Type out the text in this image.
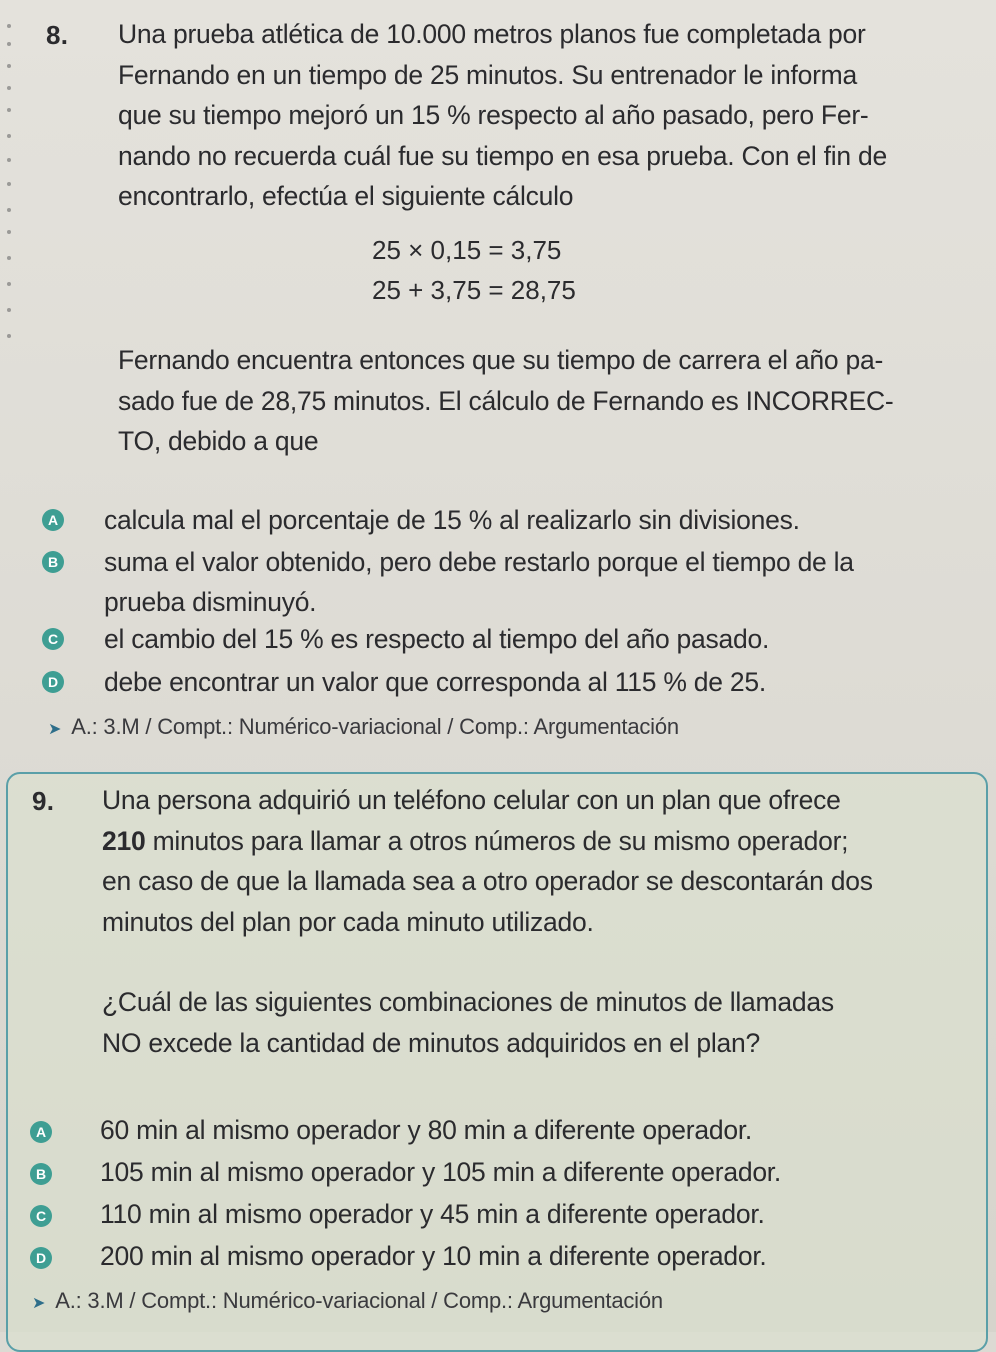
8. Una prueba atlética de 10.000 metros planos fue completada por

Fernando en un tiempo de 25 minutos. Su entrenador le informa

que su tiempo mejoró un 15 % respecto al año pasado, pero Fer-

nando no recuerda cuál fue su tiempo en esa prueba. Con el fin de

encontrarlo, efectúa el siguiente cálculo

25 × 0,15 = 3,75
25 + 3,75 = 28,75

Fernando encuentra entonces que su tiempo de carrera el año pa-

sado fue de 28,75 minutos. El cálculo de Fernando es INCORREC-

TO, debido a que

A calcula mal el porcentaje de 15 % al realizarlo sin divisiones.
B suma el valor obtenido, pero debe restarlo porque el tiempo de la
prueba disminuyó.
C el cambio del 15 % es respecto al tiempo del año pasado.
D debe encontrar un valor que corresponda al 115 % de 25.
➤ A.: 3.M / Compt.: Numérico-variacional / Comp.: Argumentación
9. Una persona adquirió un teléfono celular con un plan que ofrece

210 minutos para llamar a otros números de su mismo operador;

en caso de que la llamada sea a otro operador se descontarán dos

minutos del plan por cada minuto utilizado.

¿Cuál de las siguientes combinaciones de minutos de llamadas

NO excede la cantidad de minutos adquiridos en el plan?

A 60 min al mismo operador y 80 min a diferente operador.
B 105 min al mismo operador y 105 min a diferente operador.
C 110 min al mismo operador y 45 min a diferente operador.
D 200 min al mismo operador y 10 min a diferente operador.
➤ A.: 3.M / Compt.: Numérico-variacional / Comp.: Argumentación
